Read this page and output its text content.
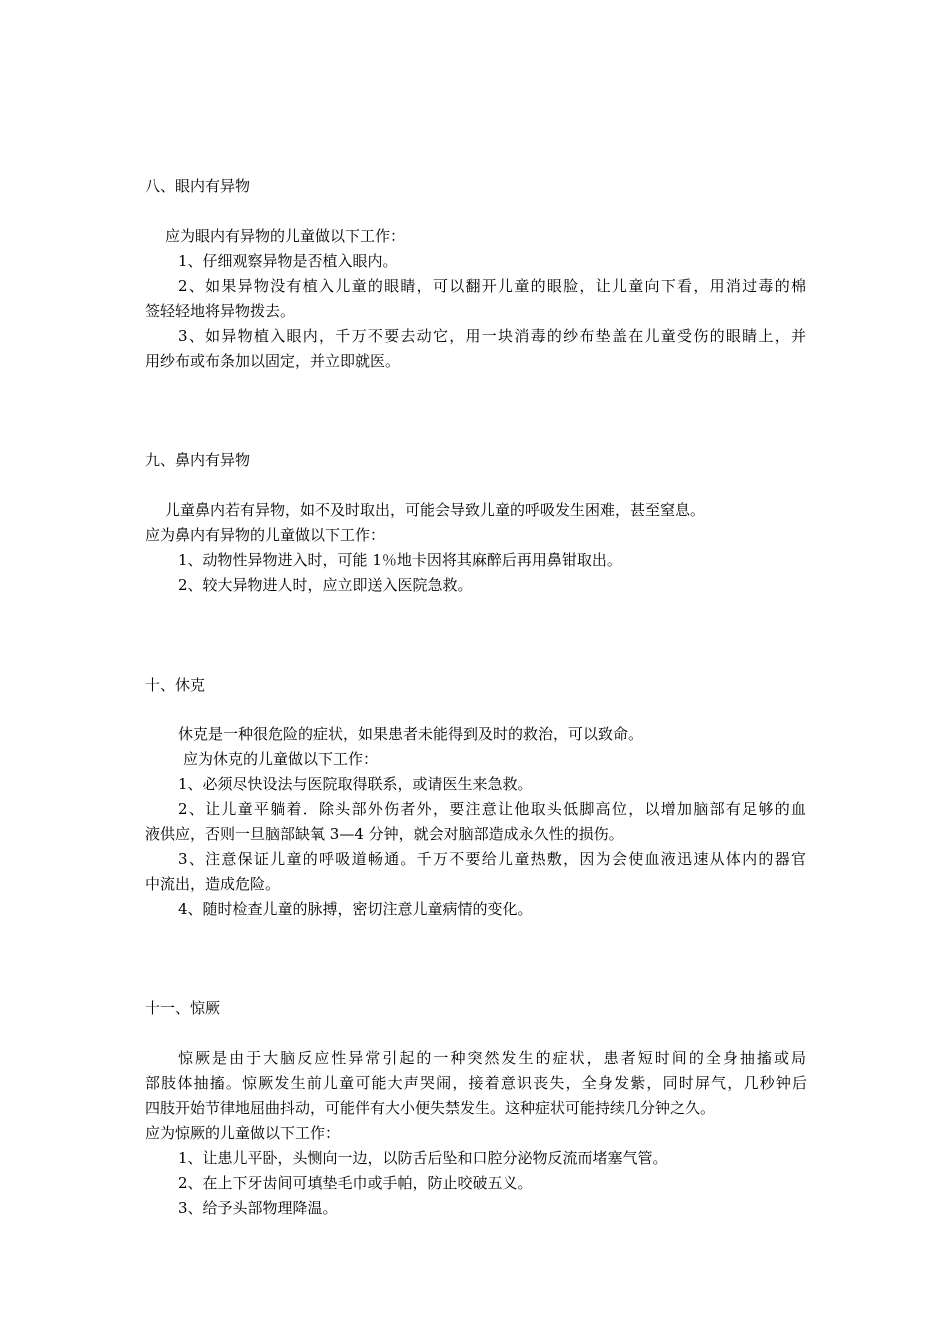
八、眼内有异物
应为眼内有异物的儿童做以下工作：
1、仔细观察异物是否植入眼内。
2、如果异物没有植入儿童的眼睛，可以翻开儿童的眼脸，让儿童向下看，用消过毒的棉
签轻轻地将异物拨去。
3、如异物植入眼内，千万不要去动它，用一块消毒的纱布垫盖在儿童受伤的眼睛上，并
用纱布或布条加以固定，并立即就医。
九、鼻内有异物
儿童鼻内若有异物，如不及时取出，可能会导致儿童的呼吸发生困难，甚至窒息。
应为鼻内有异物的儿童做以下工作：
1、动物性异物进入时，可能 1％地卡因将其麻醉后再用鼻钳取出。
2、较大异物进人时，应立即送入医院急救。
十、休克
休克是一种很危险的症状，如果患者未能得到及时的救治，可以致命。
应为休克的儿童做以下工作：
1、必须尽快设法与医院取得联系，或请医生来急救。
2、让儿童平躺着．除头部外伤者外，要注意让他取头低脚高位，以增加脑部有足够的血
液供应，否则一旦脑部缺氧 3—4 分钟，就会对脑部造成永久性的损伤。
3、注意保证儿童的呼吸道畅通。千万不要给儿童热敷，因为会使血液迅速从体内的器官
中流出，造成危险。
4、随时检查儿童的脉搏，密切注意儿童病情的变化。
十一、惊厥
惊厥是由于大脑反应性异常引起的一种突然发生的症状，患者短时间的全身抽搐或局
部肢体抽搐。惊厥发生前儿童可能大声哭闹，接着意识丧失，全身发紫，同时屏气，几秒钟后
四肢开始节律地屈曲抖动，可能伴有大小便失禁发生。这种症状可能持续几分钟之久。
应为惊厥的儿童做以下工作：
1、让患儿平卧，头恻向一边，以防舌后坠和口腔分泌物反流而堵塞气管。
2、在上下牙齿间可填垫毛巾或手帕，防止咬破五义。
3、给予头部物理降温。
